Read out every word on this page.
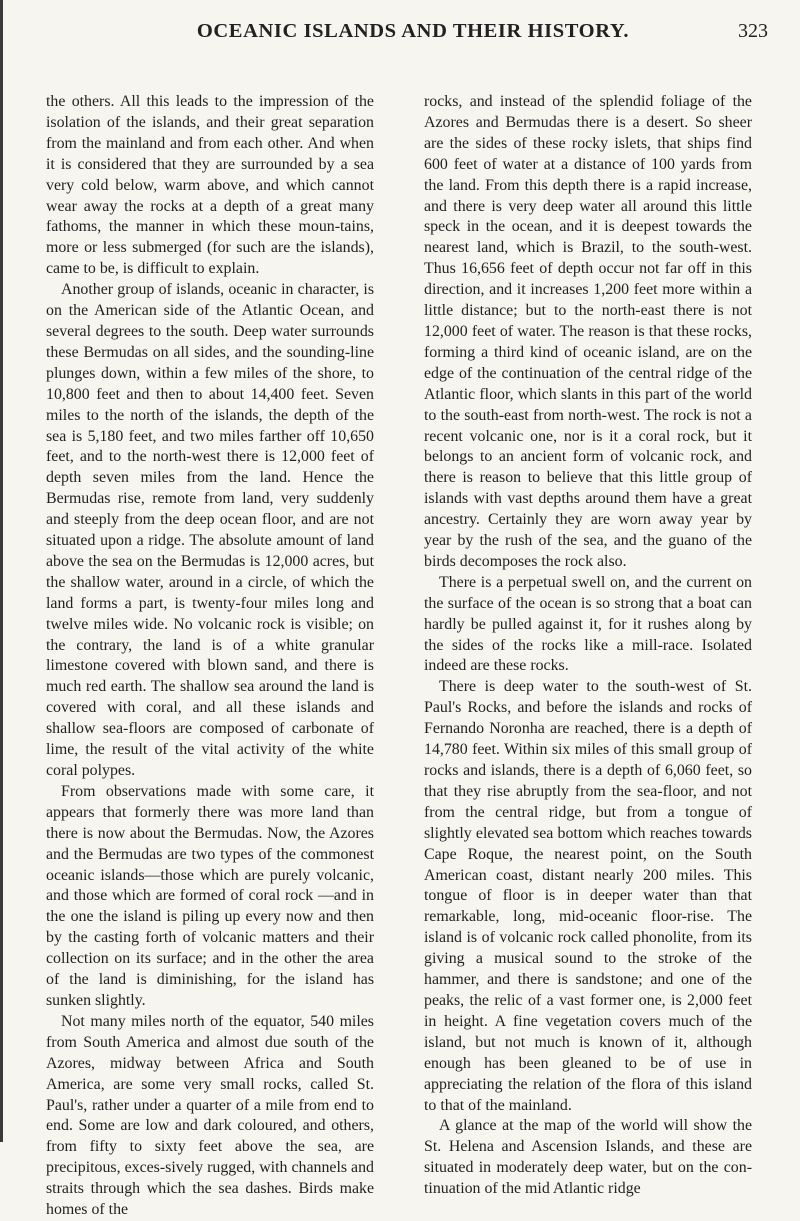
OCEANIC ISLANDS AND THEIR HISTORY.	323

the others. All this leads to the impression of the isolation of the islands, and their great separation from the mainland and from each other. And when it is considered that they are surrounded by a sea very cold below, warm above, and which cannot wear away the rocks at a depth of a great many fathoms, the manner in which these moun-tains, more or less submerged (for such are the islands), came to be, is difficult to explain.

Another group of islands, oceanic in character, is on the American side of the Atlantic Ocean, and several degrees to the south. Deep water surrounds these Bermudas on all sides, and the sounding-line plunges down, within a few miles of the shore, to 10,800 feet and then to about 14,400 feet. Seven miles to the north of the islands, the depth of the sea is 5,180 feet, and two miles farther off 10,650 feet, and to the north-west there is 12,000 feet of depth seven miles from the land. Hence the Bermudas rise, remote from land, very suddenly and steeply from the deep ocean floor, and are not situated upon a ridge. The absolute amount of land above the sea on the Bermudas is 12,000 acres, but the shallow water, around in a circle, of which the land forms a part, is twenty-four miles long and twelve miles wide. No volcanic rock is visible; on the contrary, the land is of a white granular limestone covered with blown sand, and there is much red earth. The shallow sea around the land is covered with coral, and all these islands and shallow sea-floors are composed of carbonate of lime, the result of the vital activity of the white coral polypes.

From observations made with some care, it appears that formerly there was more land than there is now about the Bermudas. Now, the Azores and the Bermudas are two types of the commonest oceanic islands—those which are purely volcanic, and those which are formed of coral rock —and in the one the island is piling up every now and then by the casting forth of volcanic matters and their collection on its surface; and in the other the area of the land is diminishing, for the island has sunken slightly.

Not many miles north of the equator, 540 miles from South America and almost due south of the Azores, midway between Africa and South America, are some very small rocks, called St. Paul's, rather under a quarter of a mile from end to end. Some are low and dark coloured, and others, from fifty to sixty feet above the sea, are precipitous, exces-sively rugged, with channels and straits through which the sea dashes. Birds make homes of the

rocks, and instead of the splendid foliage of the Azores and Bermudas there is a desert. So sheer are the sides of these rocky islets, that ships find 600 feet of water at a distance of 100 yards from the land. From this depth there is a rapid increase, and there is very deep water all around this little speck in the ocean, and it is deepest towards the nearest land, which is Brazil, to the south-west. Thus 16,656 feet of depth occur not far off in this direction, and it increases 1,200 feet more within a little distance; but to the north-east there is not 12,000 feet of water. The reason is that these rocks, forming a third kind of oceanic island, are on the edge of the continuation of the central ridge of the Atlantic floor, which slants in this part of the world to the south-east from north-west. The rock is not a recent volcanic one, nor is it a coral rock, but it belongs to an ancient form of volcanic rock, and there is reason to believe that this little group of islands with vast depths around them have a great ancestry. Certainly they are worn away year by year by the rush of the sea, and the guano of the birds decomposes the rock also.

There is a perpetual swell on, and the current on the surface of the ocean is so strong that a boat can hardly be pulled against it, for it rushes along by the sides of the rocks like a mill-race. Isolated indeed are these rocks.

There is deep water to the south-west of St. Paul's Rocks, and before the islands and rocks of Fernando Noronha are reached, there is a depth of 14,780 feet. Within six miles of this small group of rocks and islands, there is a depth of 6,060 feet, so that they rise abruptly from the sea-floor, and not from the central ridge, but from a tongue of slightly elevated sea bottom which reaches towards Cape Roque, the nearest point, on the South American coast, distant nearly 200 miles. This tongue of floor is in deeper water than that remarkable, long, mid-oceanic floor-rise. The island is of volcanic rock called phonolite, from its giving a musical sound to the stroke of the hammer, and there is sandstone; and one of the peaks, the relic of a vast former one, is 2,000 feet in height. A fine vegetation covers much of the island, but not much is known of it, although enough has been gleaned to be of use in appreciating the relation of the flora of this island to that of the mainland.

A glance at the map of the world will show the St. Helena and Ascension Islands, and these are situated in moderately deep water, but on the con-tinuation of the mid Atlantic ridge
